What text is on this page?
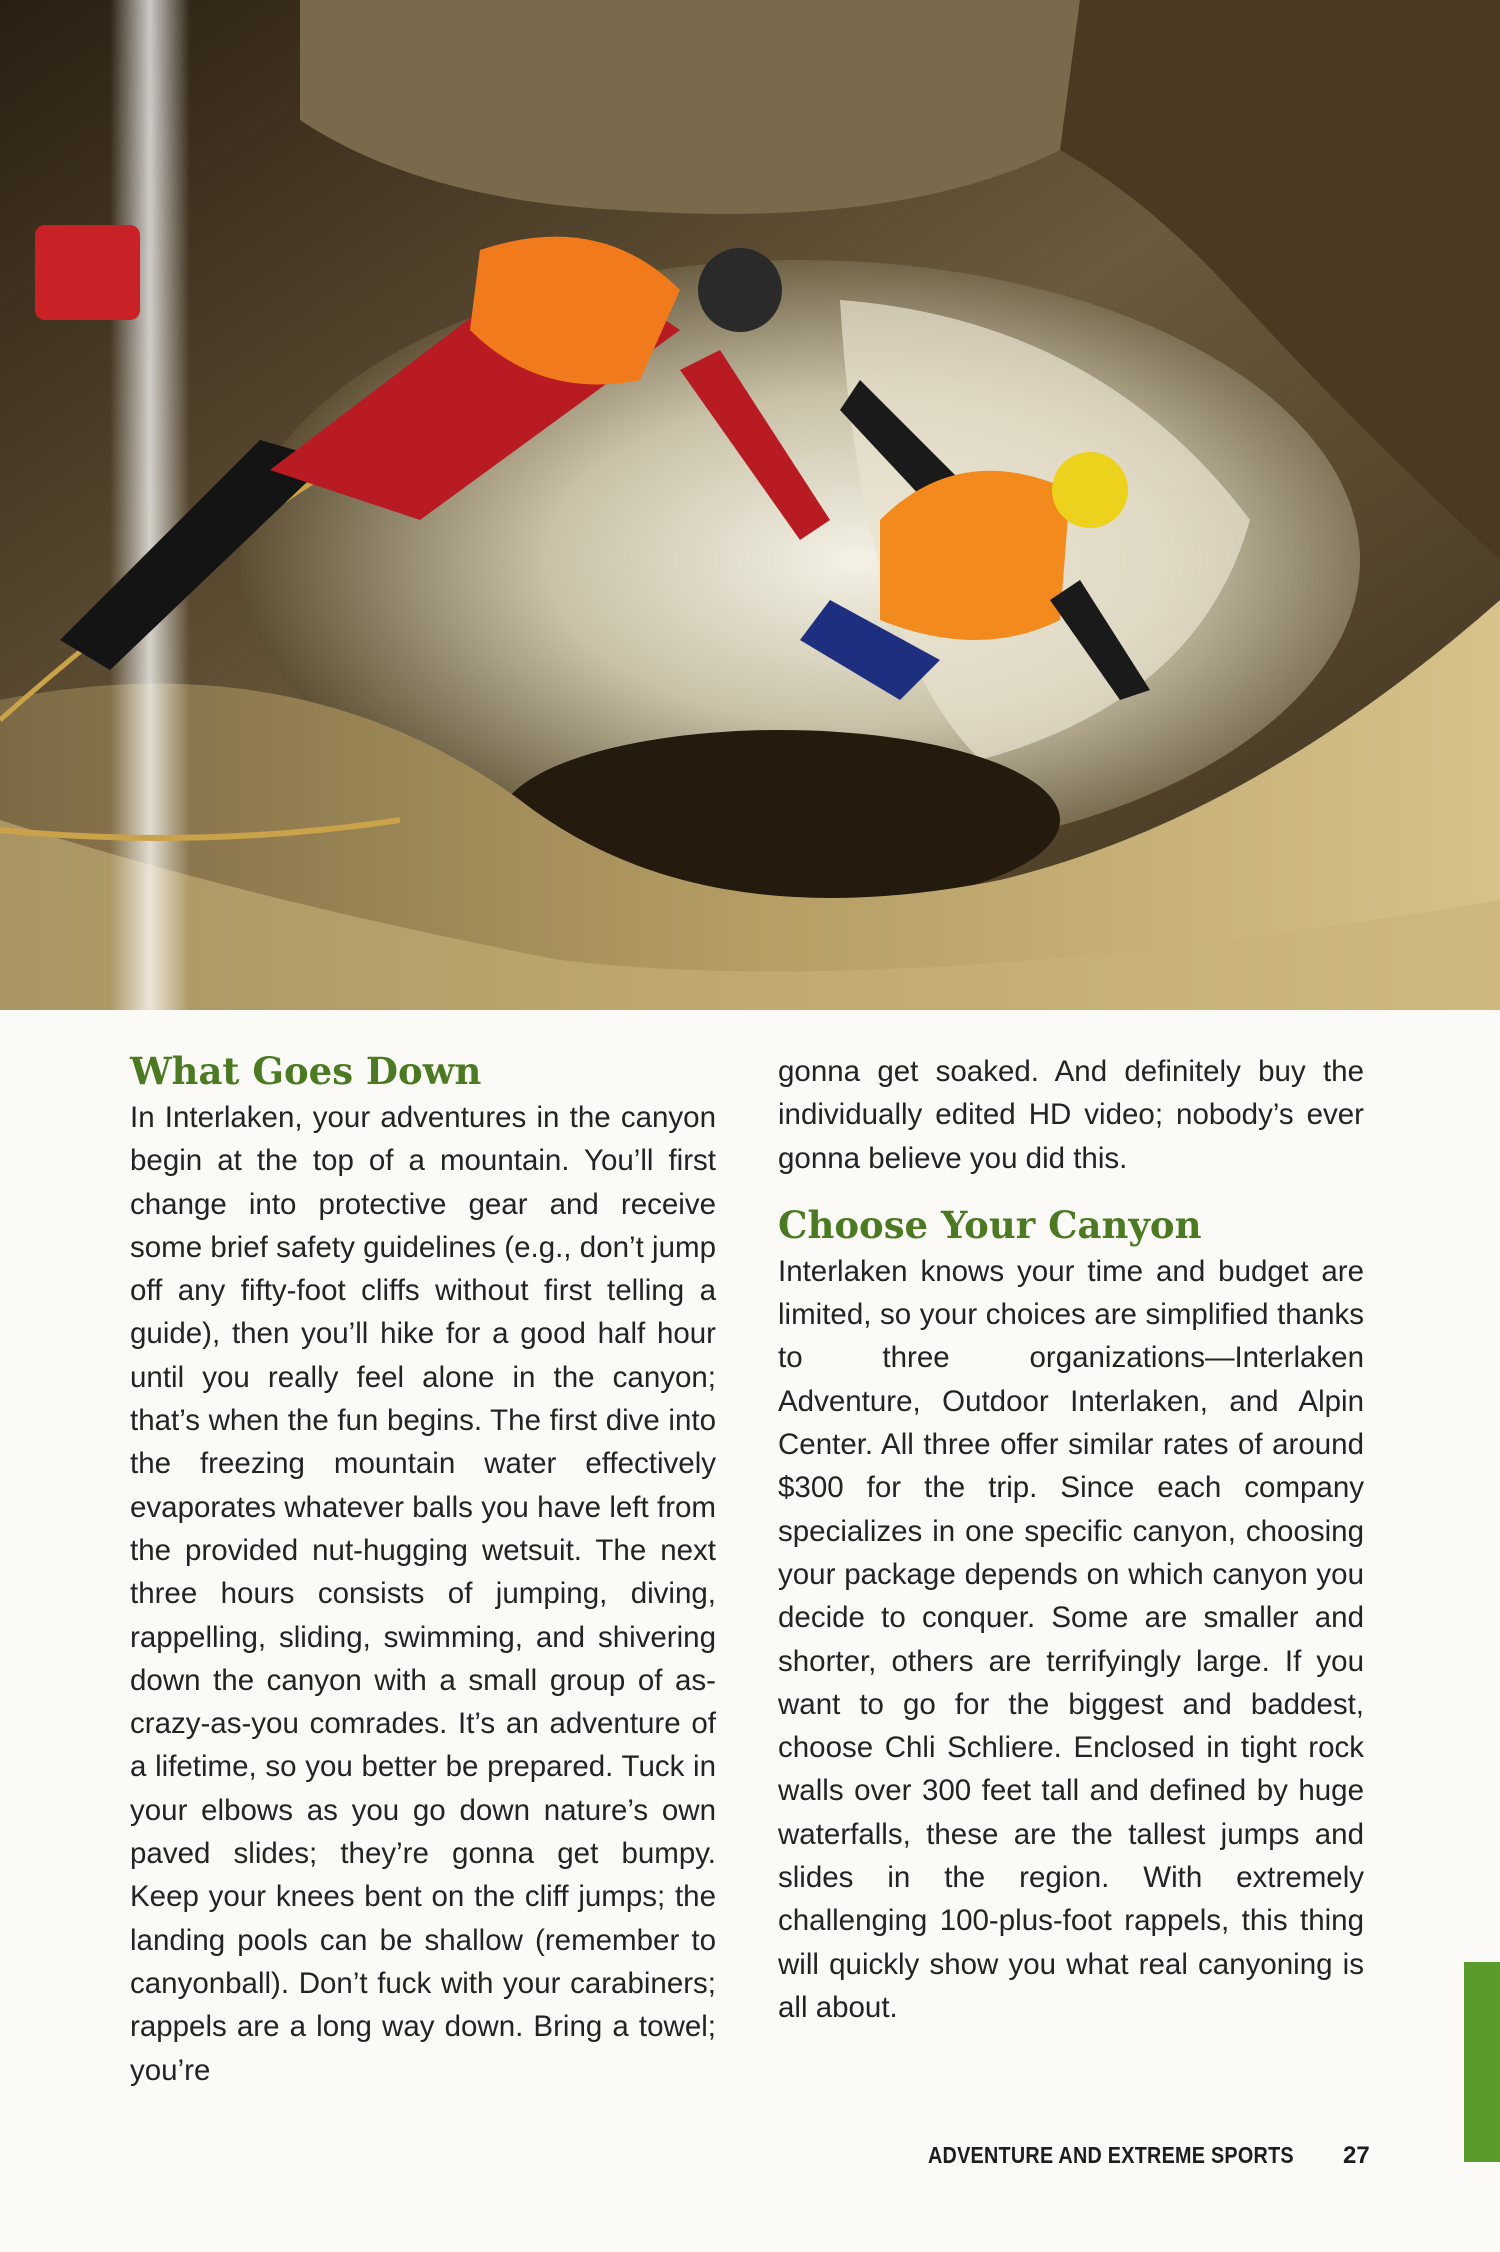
What Goes Down

In Interlaken, your adventures in the canyon begin at the top of a mountain. You’ll first change into protective gear and receive some brief safety guidelines (e.g., don’t jump off any fifty-foot cliffs without first telling a guide), then you’ll hike for a good half hour until you really feel alone in the canyon; that’s when the fun begins. The first dive into the freezing mountain water effectively evaporates whatever balls you have left from the provided nut-hugging wetsuit. The next three hours consists of jumping, diving, rappelling, sliding, swimming, and shivering down the canyon with a small group of as-crazy-as-you comrades. It’s an adventure of a lifetime, so you better be prepared. Tuck in your elbows as you go down nature’s own paved slides; they’re gonna get bumpy. Keep your knees bent on the cliff jumps; the landing pools can be shallow (remember to canyonball). Don’t fuck with your carabiners; rappels are a long way down. Bring a towel; you’re

gonna get soaked. And definitely buy the individually edited HD video; nobody’s ever gonna believe you did this.

Choose Your Canyon

Interlaken knows your time and budget are limited, so your choices are simplified thanks to three organizations—Interlaken Adventure, Outdoor Interlaken, and Alpin Center. All three offer similar rates of around $300 for the trip. Since each company specializes in one specific canyon, choosing your package depends on which canyon you decide to conquer. Some are smaller and shorter, others are terrifyingly large. If you want to go for the biggest and baddest, choose Chli Schliere. Enclosed in tight rock walls over 300 feet tall and defined by huge waterfalls, these are the tallest jumps and slides in the region. With extremely challenging 100-plus-foot rappels, this thing will quickly show you what real canyoning is all about.

ADVENTURE AND EXTREME SPORTS 27
